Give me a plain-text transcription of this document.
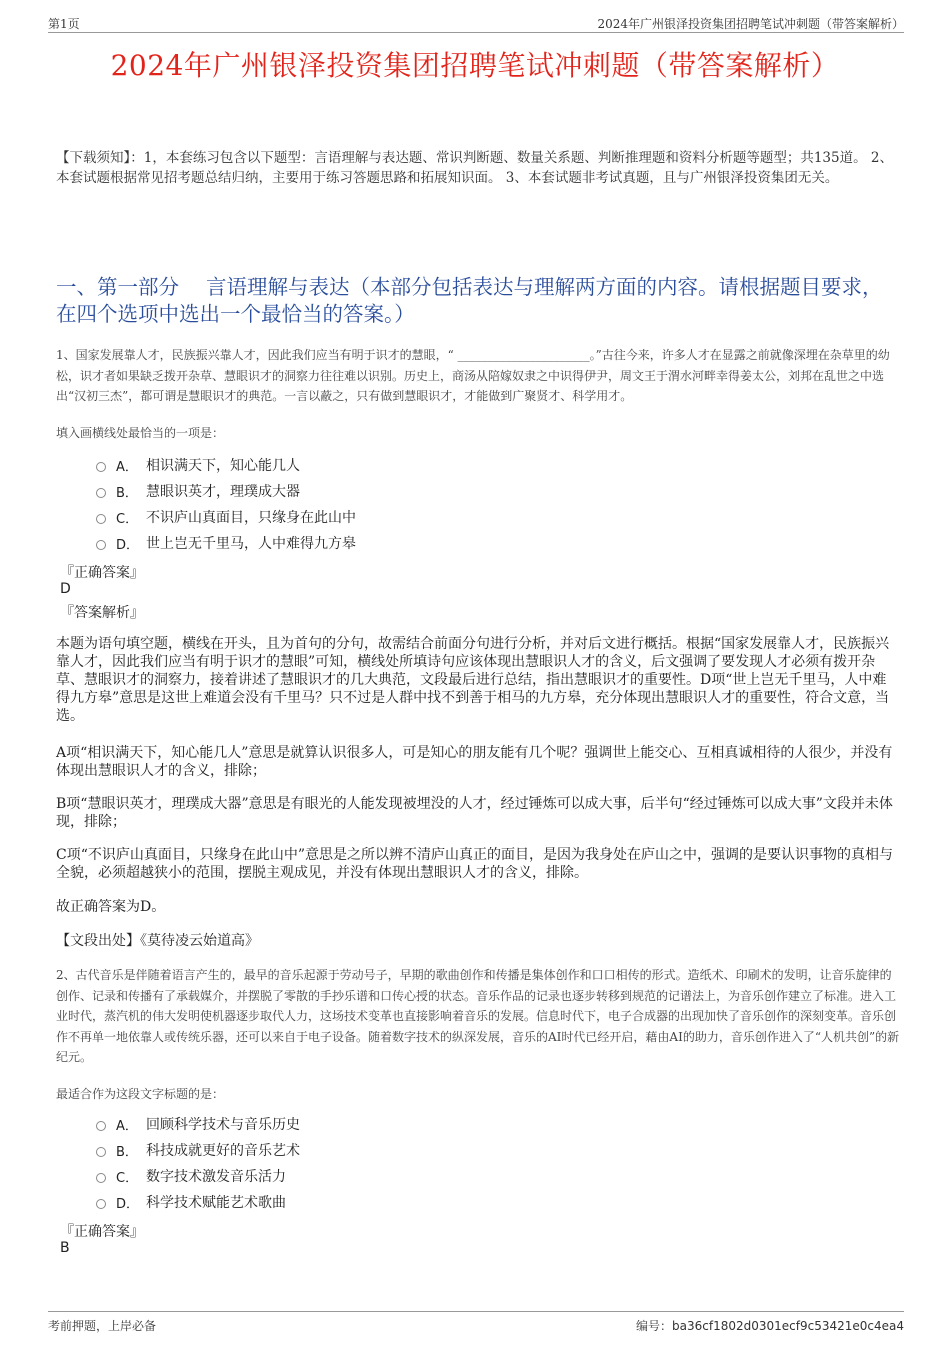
第1页	2024年广州银泽投资集团招聘笔试冲刺题（带答案解析）
2024年广州银泽投资集团招聘笔试冲刺题（带答案解析）
【下载须知】：1，本套练习包含以下题型：言语理解与表达题、常识判断题、数量关系题、判断推理题和资料分析题等题型；共135道。 2、本套试题根据常见招考题总结归纳，主要用于练习答题思路和拓展知识面。 3、本套试题非考试真题，且与广州银泽投资集团无关。
一、第一部分　 言语理解与表达（本部分包括表达与理解两方面的内容。请根据题目要求，在四个选项中选出一个最恰当的答案。）
1、国家发展靠人才，民族振兴靠人才，因此我们应当有明于识才的慧眼，“ ______________________。”古往今来，许多人才在显露之前就像深埋在杂草里的幼松，识才者如果缺乏拨开杂草、慧眼识才的洞察力往往难以识别。历史上，商汤从陪嫁奴隶之中识得伊尹，周文王于渭水河畔幸得姜太公，刘邦在乱世之中选出“汉初三杰”，都可谓是慧眼识才的典范。一言以蔽之，只有做到慧眼识才，才能做到广聚贤才、科学用才。
填入画横线处最恰当的一项是：
A． 相识满天下，知心能几人
B． 慧眼识英才，理璞成大器
C． 不识庐山真面目，只缘身在此山中
D． 世上岂无千里马，人中难得九方皋
『正确答案』
D
『答案解析』
本题为语句填空题，横线在开头，且为首句的分句，故需结合前面分句进行分析，并对后文进行概括。根据“国家发展靠人才，民族振兴靠人才，因此我们应当有明于识才的慧眼”可知，横线处所填诗句应该体现出慧眼识人才的含义，后文强调了要发现人才必须有拨开杂草、慧眼识才的洞察力，接着讲述了慧眼识才的几大典范，文段最后进行总结，指出慧眼识才的重要性。D项“世上岂无千里马，人中难得九方皋”意思是这世上难道会没有千里马？只不过是人群中找不到善于相马的九方皋，充分体现出慧眼识人才的重要性，符合文意，当选。
A项“相识满天下，知心能几人”意思是就算认识很多人，可是知心的朋友能有几个呢？强调世上能交心、互相真诚相待的人很少，并没有体现出慧眼识人才的含义，排除；
B项“慧眼识英才，理璞成大器”意思是有眼光的人能发现被埋没的人才，经过锤炼可以成大事，后半句“经过锤炼可以成大事”文段并未体现，排除；
C项“不识庐山真面目，只缘身在此山中”意思是之所以辨不清庐山真正的面目，是因为我身处在庐山之中，强调的是要认识事物的真相与全貌，必须超越狭小的范围，摆脱主观成见，并没有体现出慧眼识人才的含义，排除。
故正确答案为D。
【文段出处】《莫待凌云始道高》
2、古代音乐是伴随着语言产生的，最早的音乐起源于劳动号子，早期的歌曲创作和传播是集体创作和口口相传的形式。造纸术、印刷术的发明，让音乐旋律的创作、记录和传播有了承载媒介，并摆脱了零散的手抄乐谱和口传心授的状态。音乐作品的记录也逐步转移到规范的记谱法上，为音乐创作建立了标准。进入工业时代，蒸汽机的伟大发明使机器逐步取代人力，这场技术变革也直接影响着音乐的发展。信息时代下，电子合成器的出现加快了音乐创作的深刻变革。音乐创作不再单一地依靠人或传统乐器，还可以来自于电子设备。随着数字技术的纵深发展，音乐的AI时代已经开启，藉由AI的助力，音乐创作进入了“人机共创”的新纪元。
最适合作为这段文字标题的是：
A． 回顾科学技术与音乐历史
B． 科技成就更好的音乐艺术
C． 数字技术激发音乐活力
D． 科学技术赋能艺术歌曲
『正确答案』
B
考前押题，上岸必备	编号：ba36cf1802d0301ecf9c53421e0c4ea4
